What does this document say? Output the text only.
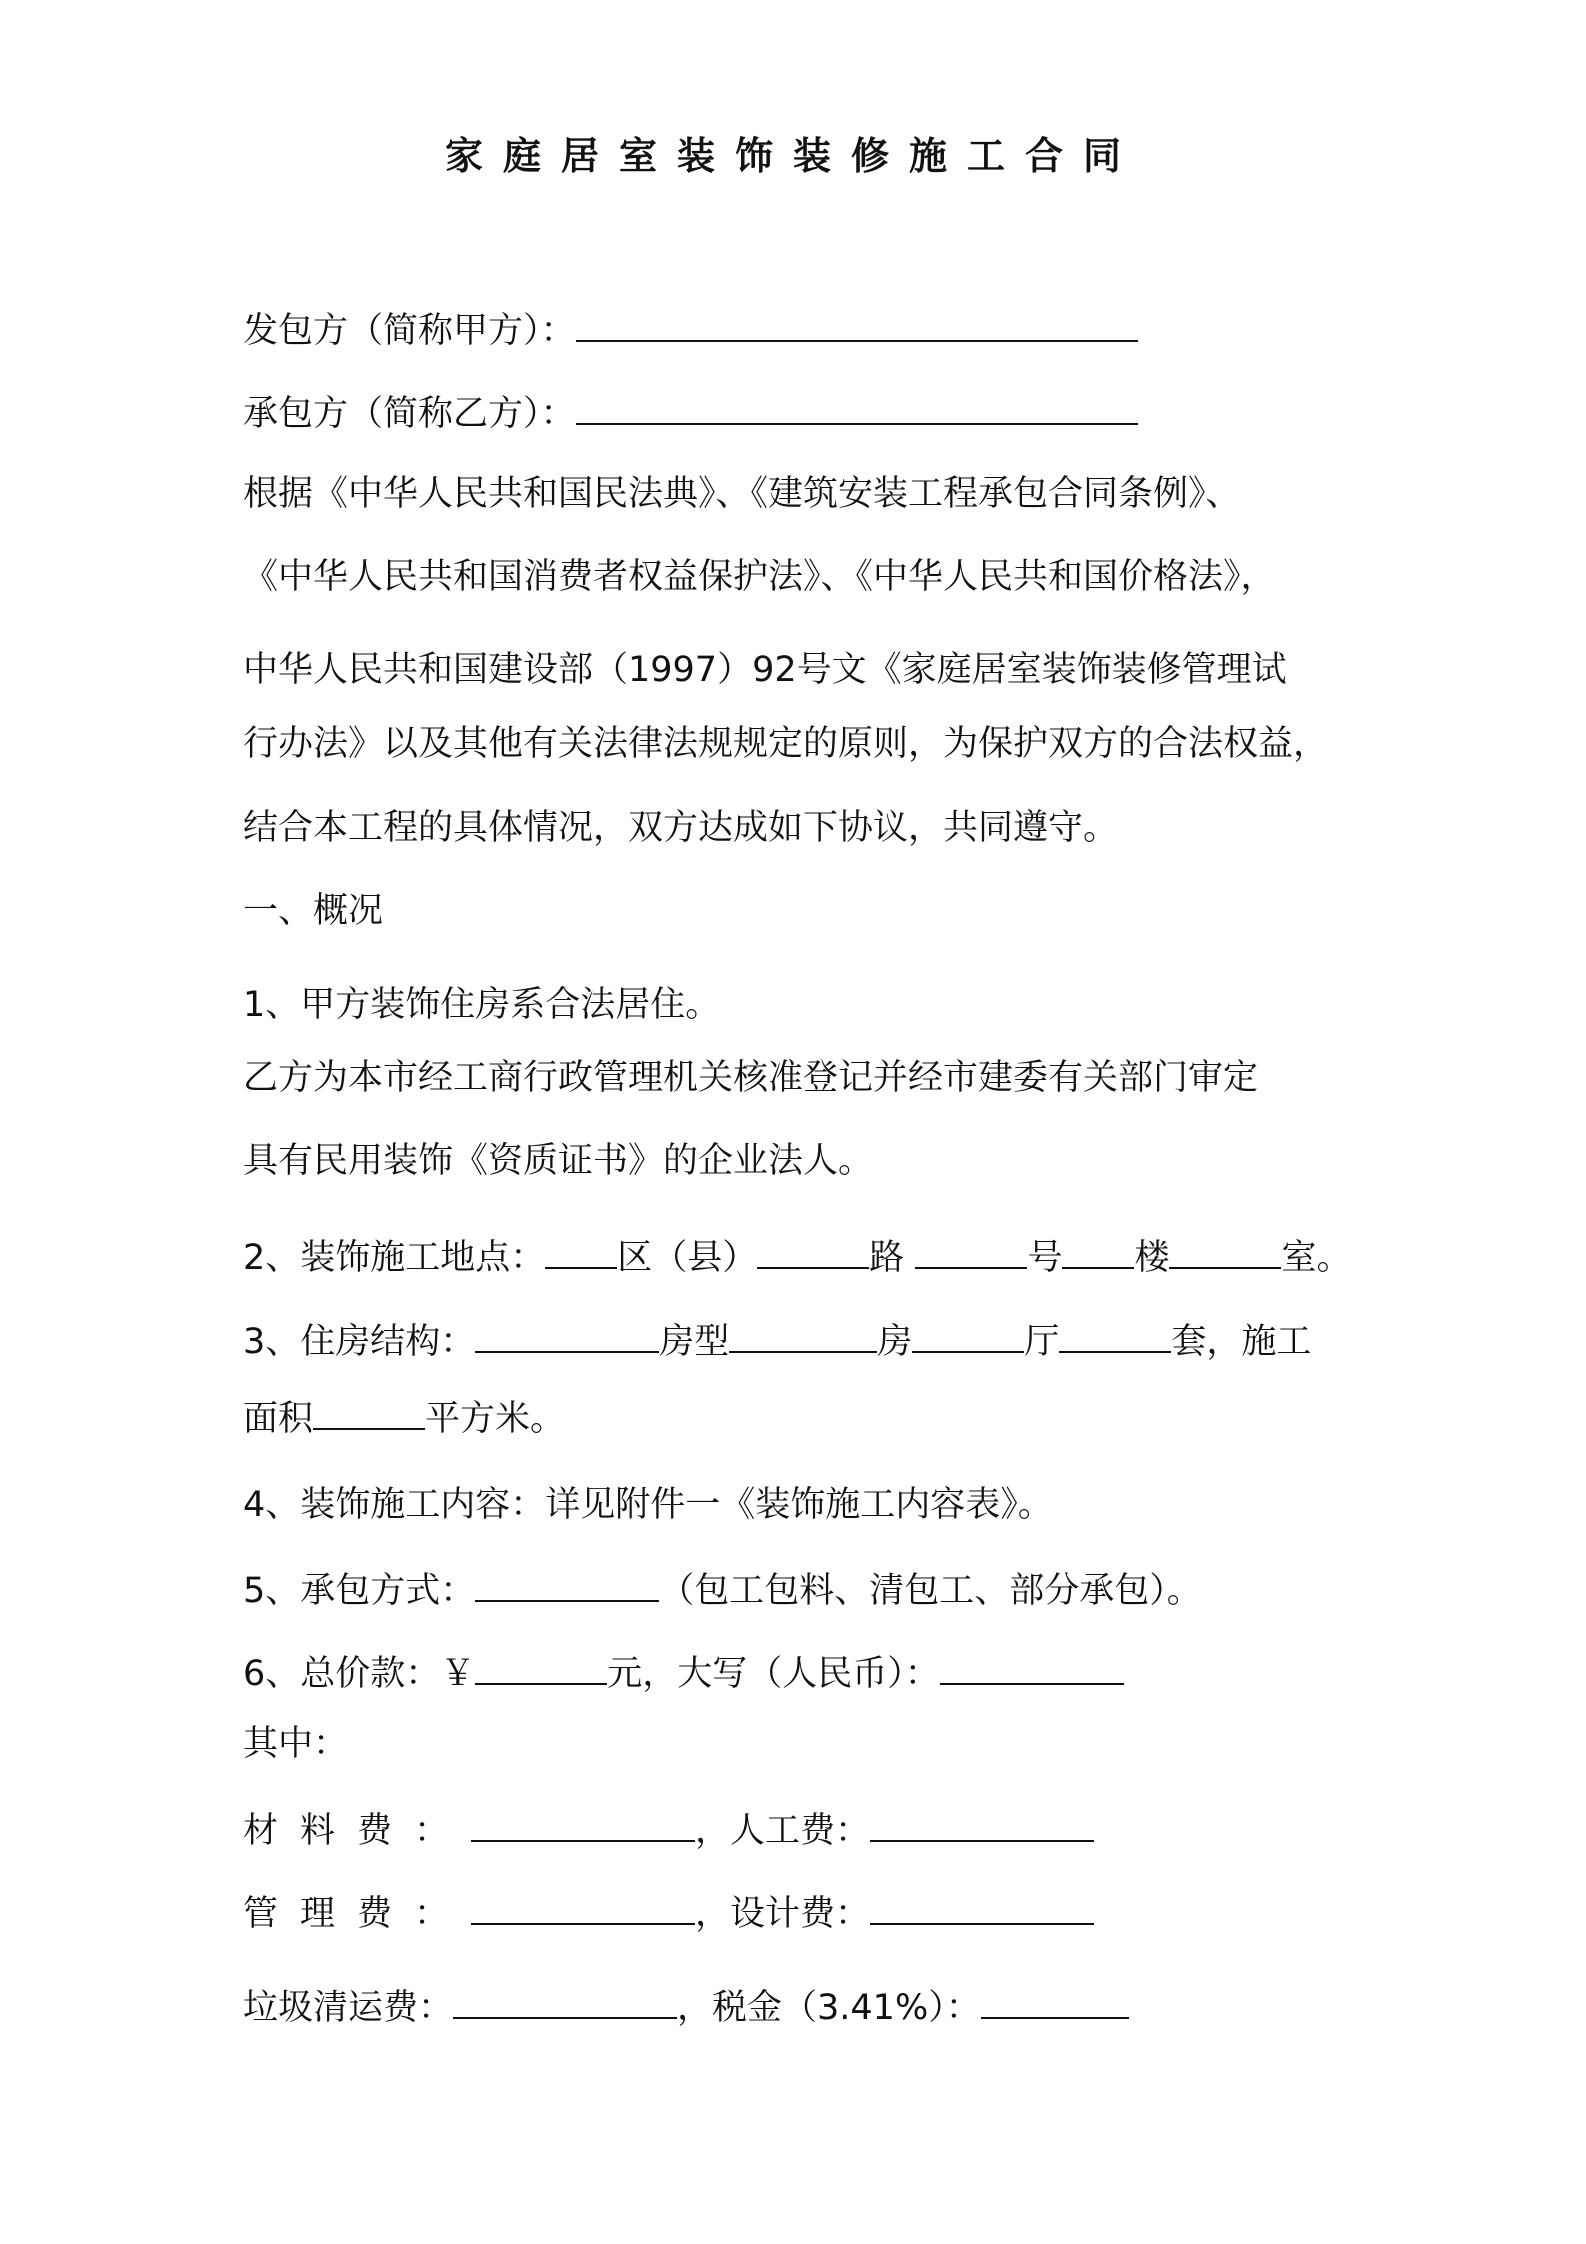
家庭居室装饰装修施工合同
发包方（简称甲方）：
承包方（简称乙方）：
根据《中华人民共和国民法典》、《建筑安装工程承包合同条例》、
《中华人民共和国消费者权益保护法》、《中华人民共和国价格法》，
中华人民共和国建设部（1997）92号文《家庭居室装饰装修管理试
行办法》以及其他有关法律法规规定的原则，为保护双方的合法权益，
结合本工程的具体情况，双方达成如下协议，共同遵守。
一、概况
1、甲方装饰住房系合法居住。
乙方为本市经工商行政管理机关核准登记并经市建委有关部门审定
具有民用装饰《资质证书》的企业法人。
2、装饰施工地点： 区（县）	路	号 楼	室。
3、住房结构：	房型	房	厅	套，施工
面积	平方米。
4、装饰施工内容：详见附件一《装饰施工内容表》。
5、承包方式：	（包工包料、清包工、部分承包）。
6、总价款：￥	元，大写（人民币）：
其中：
材料费：	，人工费：
管理费：	，设计费：
垃圾清运费：	，税金（3.41%）：
